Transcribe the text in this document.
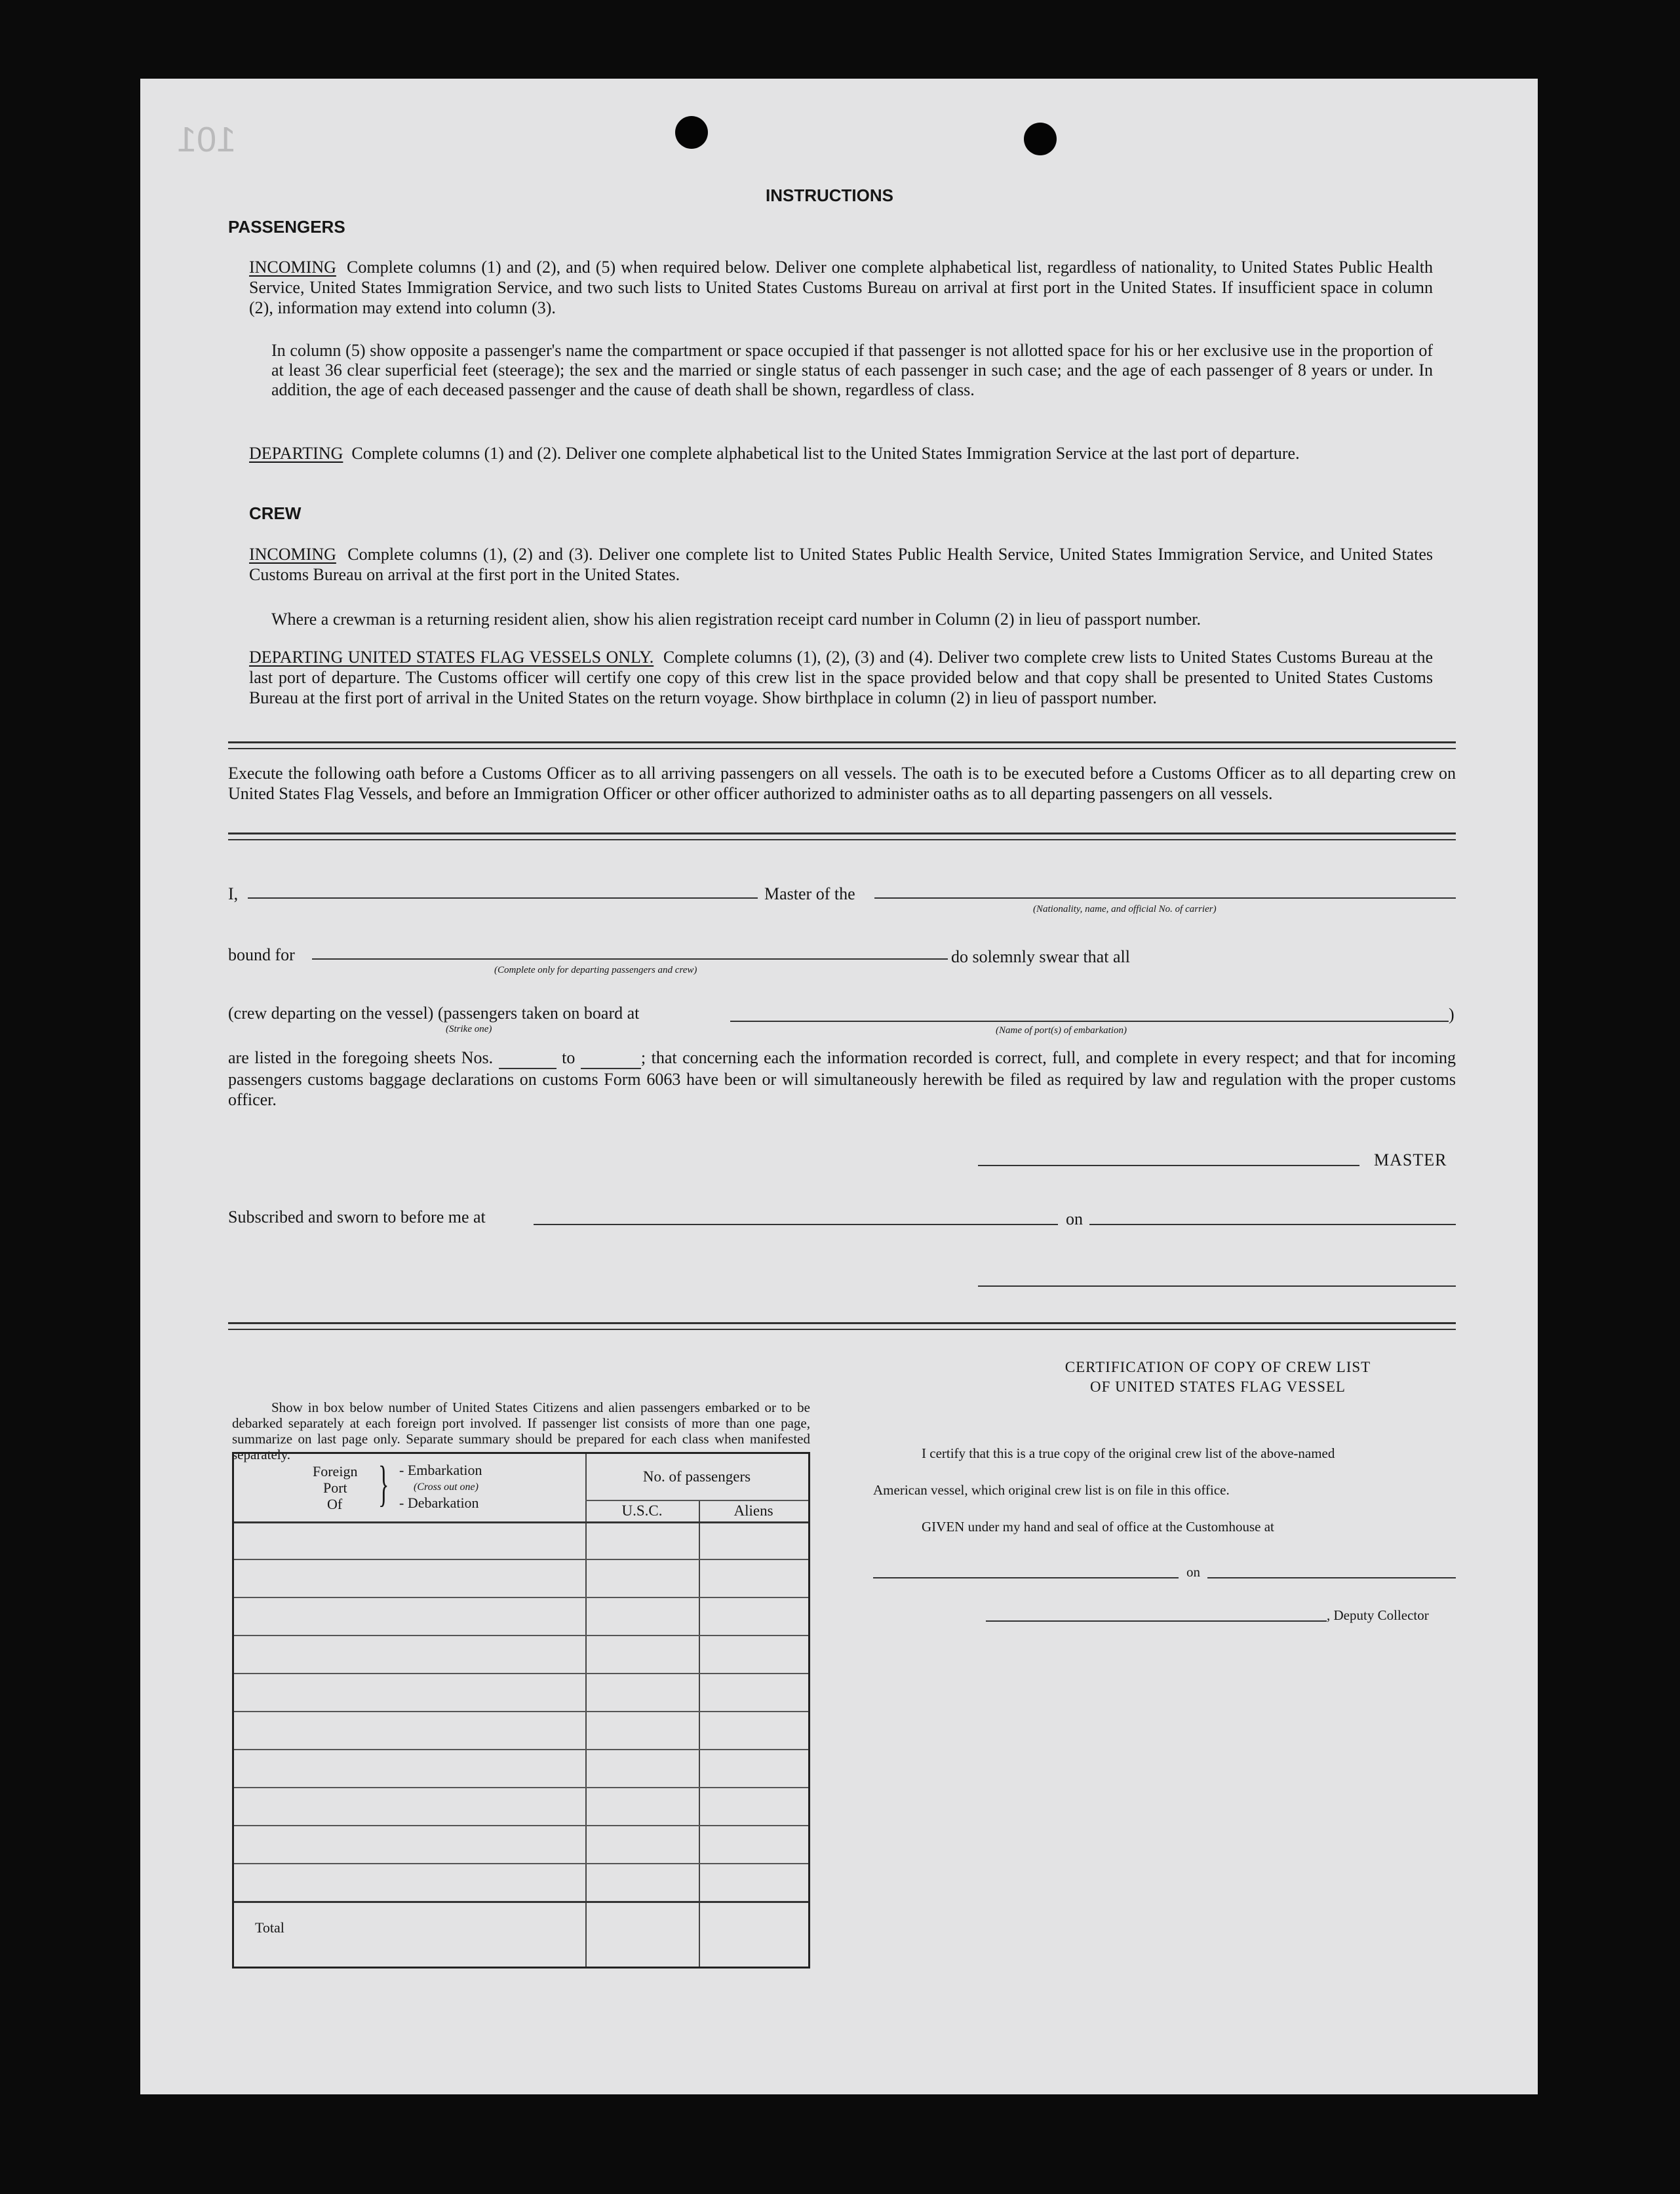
101
INSTRUCTIONS
PASSENGERS
INCOMING Complete columns (1) and (2), and (5) when required below. Deliver one complete alphabetical list, regardless of nationality, to United States Public Health Service, United States Immigration Service, and two such lists to United States Customs Bureau on arrival at first port in the United States. If insufficient space in column (2), information may extend into column (3).
In column (5) show opposite a passenger's name the compartment or space occupied if that passenger is not allotted space for his or her exclusive use in the proportion of at least 36 clear superficial feet (steerage); the sex and the married or single status of each passenger in such case; and the age of each passenger of 8 years or under. In addition, the age of each deceased passenger and the cause of death shall be shown, regardless of class.
DEPARTING Complete columns (1) and (2). Deliver one complete alphabetical list to the United States Immigration Service at the last port of departure.
CREW
INCOMING Complete columns (1), (2) and (3). Deliver one complete list to United States Public Health Service, United States Immigration Service, and United States Customs Bureau on arrival at the first port in the United States.
Where a crewman is a returning resident alien, show his alien registration receipt card number in Column (2) in lieu of passport number.
DEPARTING UNITED STATES FLAG VESSELS ONLY. Complete columns (1), (2), (3) and (4). Deliver two complete crew lists to United States Customs Bureau at the last port of departure. The Customs officer will certify one copy of this crew list in the space provided below and that copy shall be presented to United States Customs Bureau at the first port of arrival in the United States on the return voyage. Show birthplace in column (2) in lieu of passport number.
Execute the following oath before a Customs Officer as to all arriving passengers on all vessels. The oath is to be executed before a Customs Officer as to all departing crew on United States Flag Vessels, and before an Immigration Officer or other officer authorized to administer oaths as to all departing passengers on all vessels.
I,	Master of the
(Nationality, name, and official No. of carrier)
bound for
(Complete only for departing passengers and crew)
do solemnly swear that all
(crew departing on the vessel) (passengers taken on board at	)
(Strike one)	(Name of port(s) of embarkation)
are listed in the foregoing sheets Nos.	to	; that concerning each the information recorded is correct, full, and complete in every respect; and that for incoming passengers customs baggage declarations on customs Form 6063 have been or will simultaneously herewith be filed as required by law and regulation with the proper customs officer.
MASTER
Subscribed and sworn to before me at	on
Show in box below number of United States Citizens and alien passengers embarked or to be debarked separately at each foreign port involved. If passenger list consists of more than one page, summarize on last page only. Separate summary should be prepared for each class when manifested separately.
Foreign
Port
Of } - Embarkation
(Cross out one)
- Debarkation
No. of passengers
U.S.C.	Aliens
Total
CERTIFICATION OF COPY OF CREW LIST
OF UNITED STATES FLAG VESSEL
I certify that this is a true copy of the original crew list of the above-named
American vessel, which original crew list is on file in this office.
GIVEN under my hand and seal of office at the Customhouse at
on
, Deputy Collector
